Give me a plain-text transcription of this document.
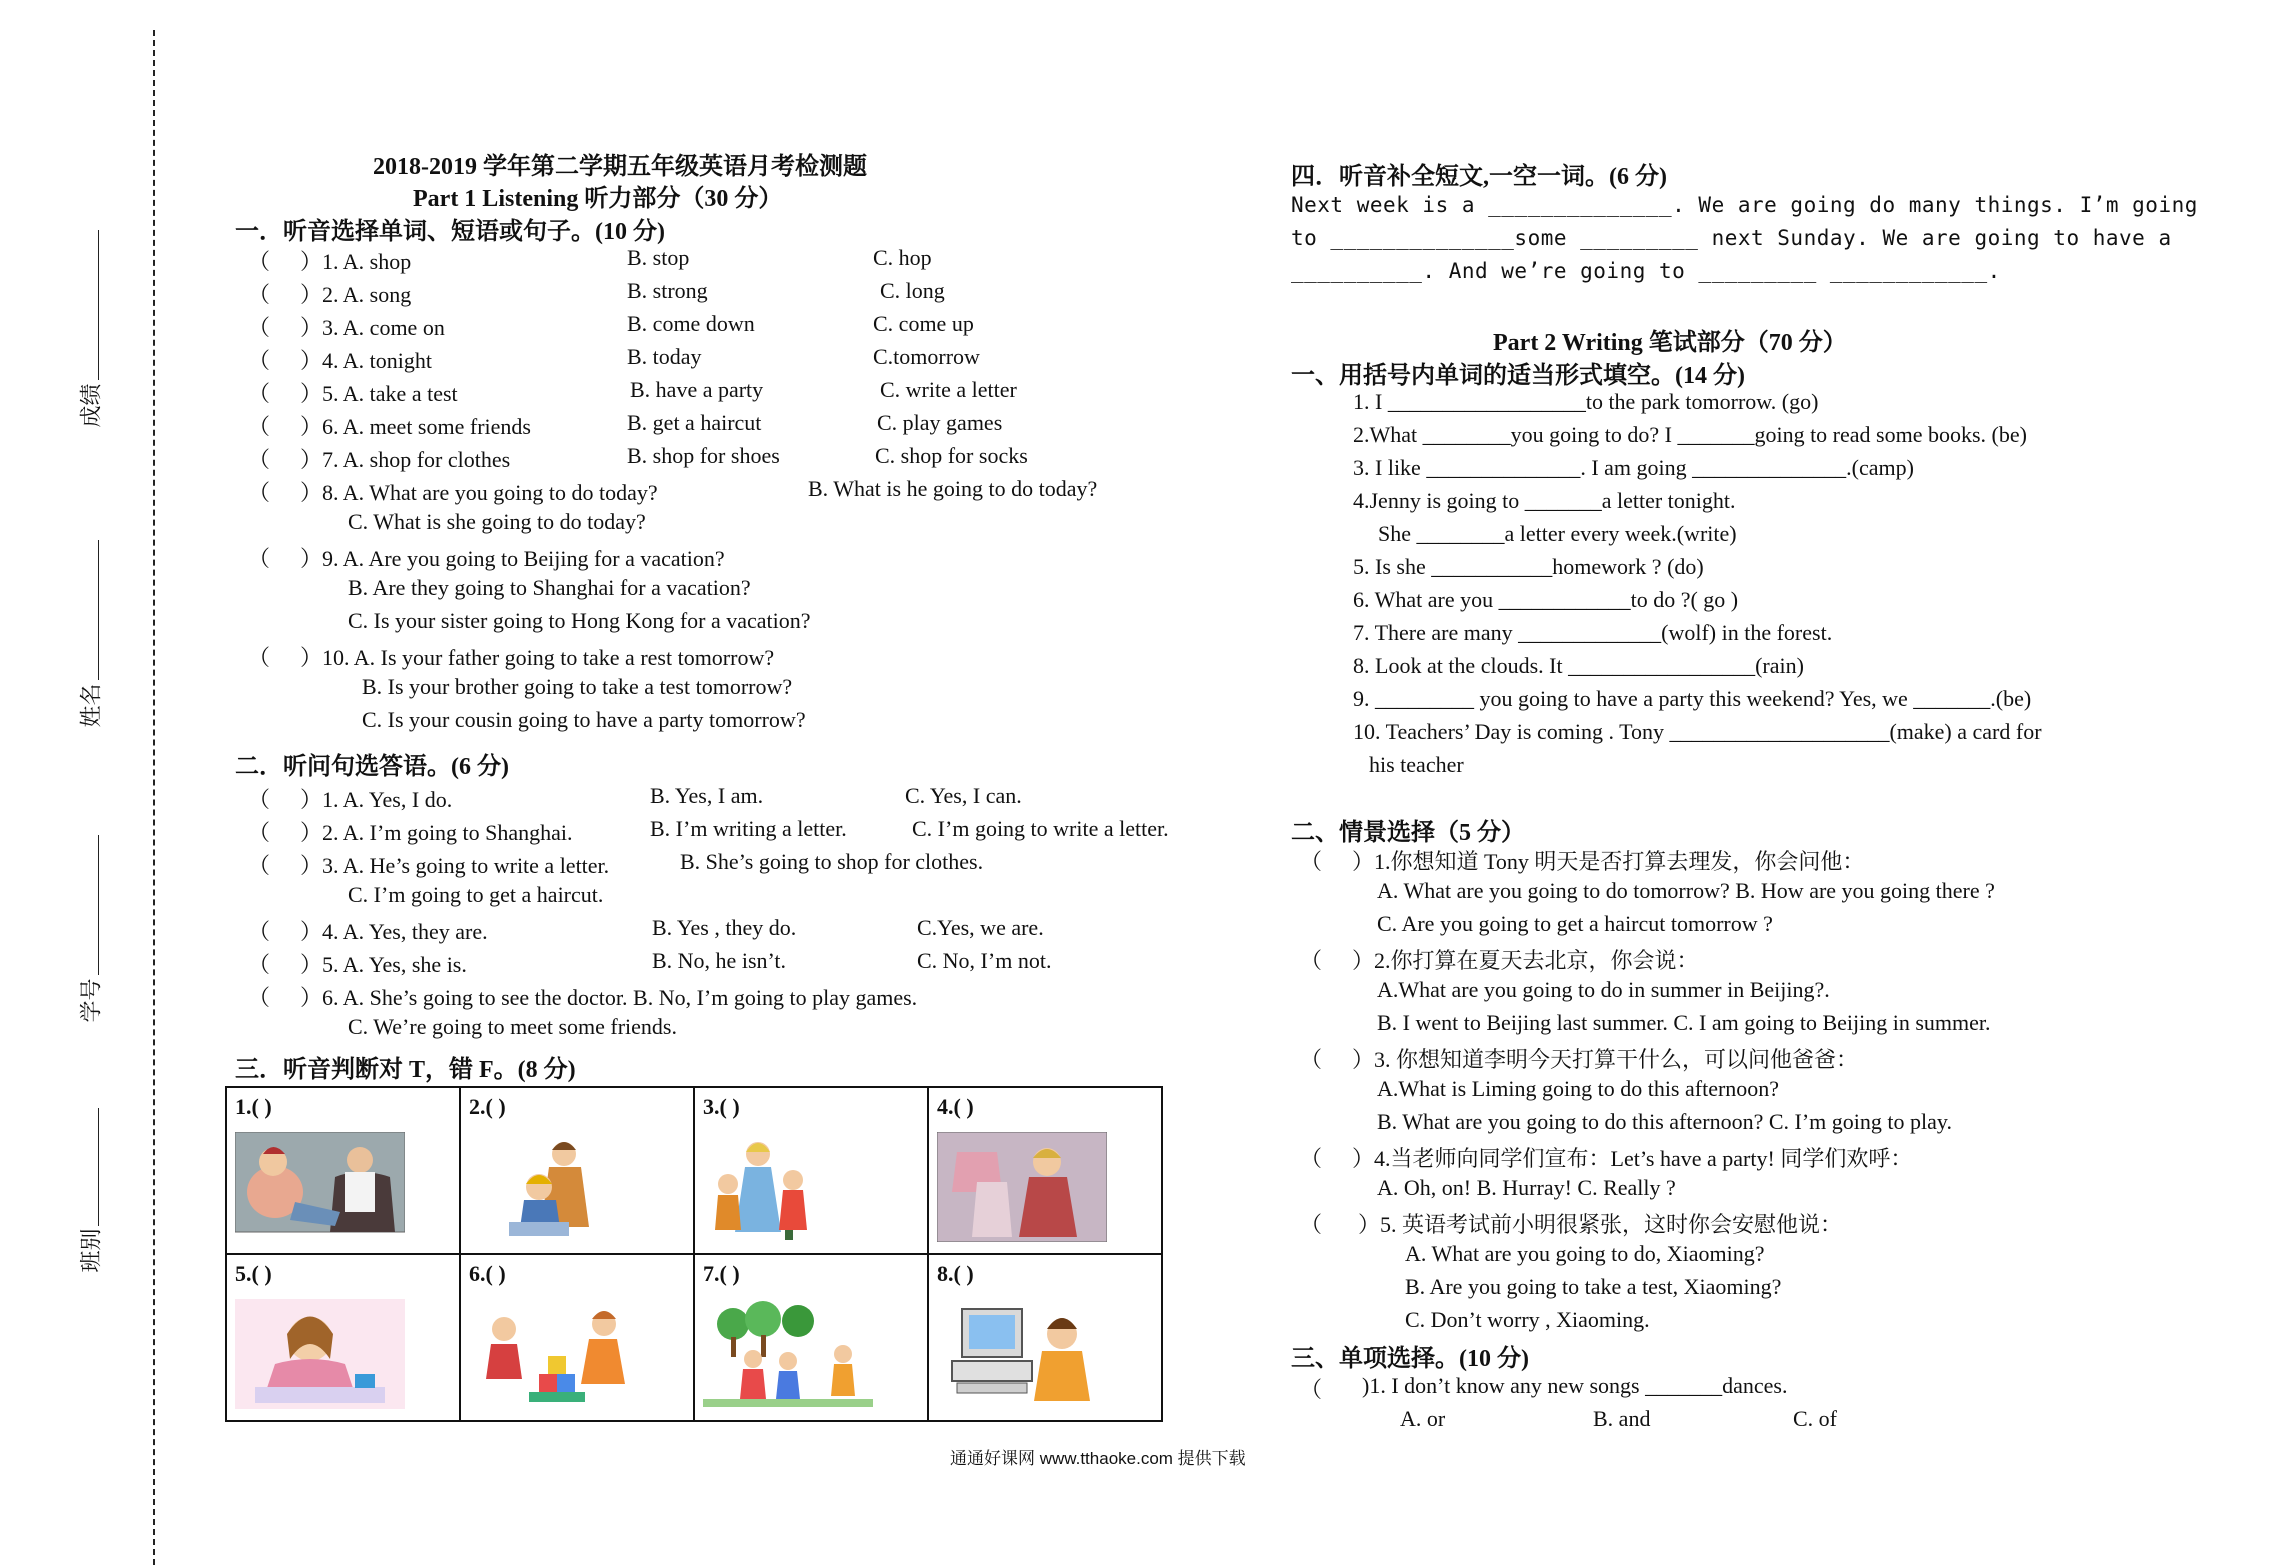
成绩
姓名
学号
班别
2018-2019 学年第二学期五年级英语月考检测题
Part 1 Listening 听力部分（30 分）
一．听音选择单词、短语或句子。(10 分)
（ ）1. A. shop	B. stop	C. hop
（ ）2. A. song	B. strong	C. long
（ ）3. A. come on	B. come down	C. come up
（ ）4. A. tonight	B. today	C.tomorrow
（ ）5. A. take a test	B. have a party	C. write a letter
（ ）6. A. meet some friends	B. get a haircut	C. play games
（ ）7. A. shop for clothes	B. shop for shoes	C. shop for socks
（ ）8. A. What are you going to do today?	B. What is he going to do today?
C. What is she going to do today?
（ ）9. A. Are you going to Beijing for a vacation?
B. Are they going to Shanghai for a vacation?
C. Is your sister going to Hong Kong for a vacation?
（ ）10. A. Is your father going to take a rest tomorrow?
B. Is your brother going to take a test tomorrow?
C. Is your cousin going to have a party tomorrow?
二．听问句选答语。(6 分)
（ ）1. A. Yes, I do.	B. Yes, I am.	C. Yes, I can.
（ ）2. A. I’m going to Shanghai.	B. I’m writing a letter.	C. I’m going to write a letter.
（ ）3. A. He’s going to write a letter.	B. She’s going to shop for clothes.
C. I’m going to get a haircut.
（ ）4. A. Yes, they are.	B. Yes , they do.	C.Yes, we are.
（ ）5. A. Yes, she is.	B. No, he isn’t.	C. No, I’m not.
（ ）6. A. She’s going to see the doctor. B. No, I’m going to play games.
C. We’re going to meet some friends.
三．听音判断对 T，错 F。(8 分)
1.( )	2.( )	3.( )	4.( )

5.( )	6.( )	7.( )	8.( )
四．听音补全短文,一空一词。(6 分)
Next week is a ______________. We are going do many things. I’m going
to ______________some _________ next Sunday. We are going to have a
__________. And we’re going to _________ ____________.
Part 2 Writing 笔试部分（70 分）
一、用括号内单词的适当形式填空。(14 分)
1. I __________________to the park tomorrow. (go)
2.What ________you going to do? I _______going to read some books. (be)
3. I like ______________. I am going ______________.(camp)
4.Jenny is going to _______a letter tonight.
She ________a letter every week.(write)
5. Is she ___________homework ? (do)
6. What are you ____________to do ?( go )
7. There are many _____________(wolf) in the forest.
8. Look at the clouds. It _________________(rain)
9. _________ you going to have a party this weekend? Yes, we _______.(be)
10. Teachers’ Day is coming . Tony ____________________(make) a card for
his teacher
二、情景选择（5 分）
（ ）1.你想知道 Tony 明天是否打算去理发，你会问他：
A. What are you going to do tomorrow? B. How are you going there ?
C. Are you going to get a haircut tomorrow ?
（ ）2.你打算在夏天去北京，你会说：
A.What are you going to do in summer in Beijing?.
B. I went to Beijing last summer. C. I am going to Beijing in summer.
（ ）3. 你想知道李明今天打算干什么，可以问他爸爸：
A.What is Liming going to do this afternoon?
B. What are you going to do this afternoon? C. I’m going to play.
（ ）4.当老师向同学们宣布：Let’s have a party! 同学们欢呼：
A. Oh, on! B. Hurray! C. Really ?
（ ）5. 英语考试前小明很紧张，这时你会安慰他说：
A. What are you going to do, Xiaoming?
B. Are you going to take a test, Xiaoming?
C. Don’t worry , Xiaoming.
三、单项选择。(10 分)
（ )1. I don’t know any new songs _______dances.
A. or	B. and	C. of
通通好课网 www.tthaoke.com 提供下载
